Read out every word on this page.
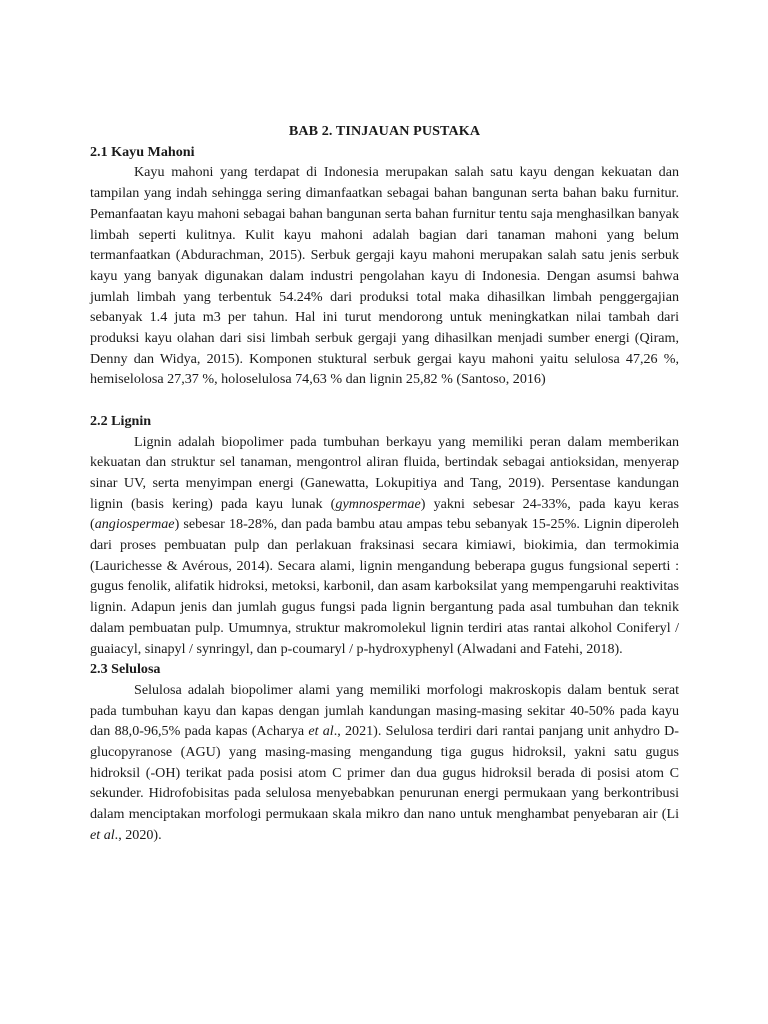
BAB 2. TINJAUAN PUSTAKA

2.1 Kayu Mahoni

Kayu mahoni yang terdapat di Indonesia merupakan salah satu kayu dengan kekuatan dan tampilan yang indah sehingga sering dimanfaatkan sebagai bahan bangunan serta bahan baku furnitur. Pemanfaatan kayu mahoni sebagai bahan bangunan serta bahan furnitur tentu saja menghasilkan banyak limbah seperti kulitnya. Kulit kayu mahoni adalah bagian dari tanaman mahoni yang belum termanfaatkan (Abdurachman, 2015). Serbuk gergaji kayu mahoni merupakan salah satu jenis serbuk kayu yang banyak digunakan dalam industri pengolahan kayu di Indonesia. Dengan asumsi bahwa jumlah limbah yang terbentuk 54.24% dari produksi total maka dihasilkan limbah penggergajian sebanyak 1.4 juta m3 per tahun. Hal ini turut mendorong untuk meningkatkan nilai tambah dari produksi kayu olahan dari sisi limbah serbuk gergaji yang dihasilkan menjadi sumber energi (Qiram, Denny dan Widya, 2015). Komponen stuktural serbuk gergai kayu mahoni yaitu selulosa 47,26 %, hemiselolosa 27,37 %, holoselulosa 74,63 % dan lignin 25,82 % (Santoso, 2016)

2.2 Lignin

Lignin adalah biopolimer pada tumbuhan berkayu yang memiliki peran dalam memberikan kekuatan dan struktur sel tanaman, mengontrol aliran fluida, bertindak sebagai antioksidan, menyerap sinar UV, serta menyimpan energi (Ganewatta, Lokupitiya and Tang, 2019). Persentase kandungan lignin (basis kering) pada kayu lunak (gymnospermae) yakni sebesar 24-33%, pada kayu keras (angiospermae) sebesar 18-28%, dan pada bambu atau ampas tebu sebanyak 15-25%. Lignin diperoleh dari proses pembuatan pulp dan perlakuan fraksinasi secara kimiawi, biokimia, dan termokimia (Laurichesse & Avérous, 2014). Secara alami, lignin mengandung beberapa gugus fungsional seperti : gugus fenolik, alifatik hidroksi, metoksi, karbonil, dan asam karboksilat yang mempengaruhi reaktivitas lignin. Adapun jenis dan jumlah gugus fungsi pada lignin bergantung pada asal tumbuhan dan teknik dalam pembuatan pulp. Umumnya, struktur makromolekul lignin terdiri atas rantai alkohol Coniferyl / guaiacyl, sinapyl / synringyl, dan p-coumaryl / p-hydroxyphenyl (Alwadani and Fatehi, 2018).

2.3 Selulosa

Selulosa adalah biopolimer alami yang memiliki morfologi makroskopis dalam bentuk serat pada tumbuhan kayu dan kapas dengan jumlah kandungan masing-masing sekitar 40-50% pada kayu dan 88,0-96,5% pada kapas (Acharya et al., 2021). Selulosa terdiri dari rantai panjang unit anhydro D-glucopyranose (AGU) yang masing-masing mengandung tiga gugus hidroksil, yakni satu gugus hidroksil (-OH) terikat pada posisi atom C primer dan dua gugus hidroksil berada di posisi atom C sekunder. Hidrofobisitas pada selulosa menyebabkan penurunan energi permukaan yang berkontribusi dalam menciptakan morfologi permukaan skala mikro dan nano untuk menghambat penyebaran air (Li et al., 2020).
